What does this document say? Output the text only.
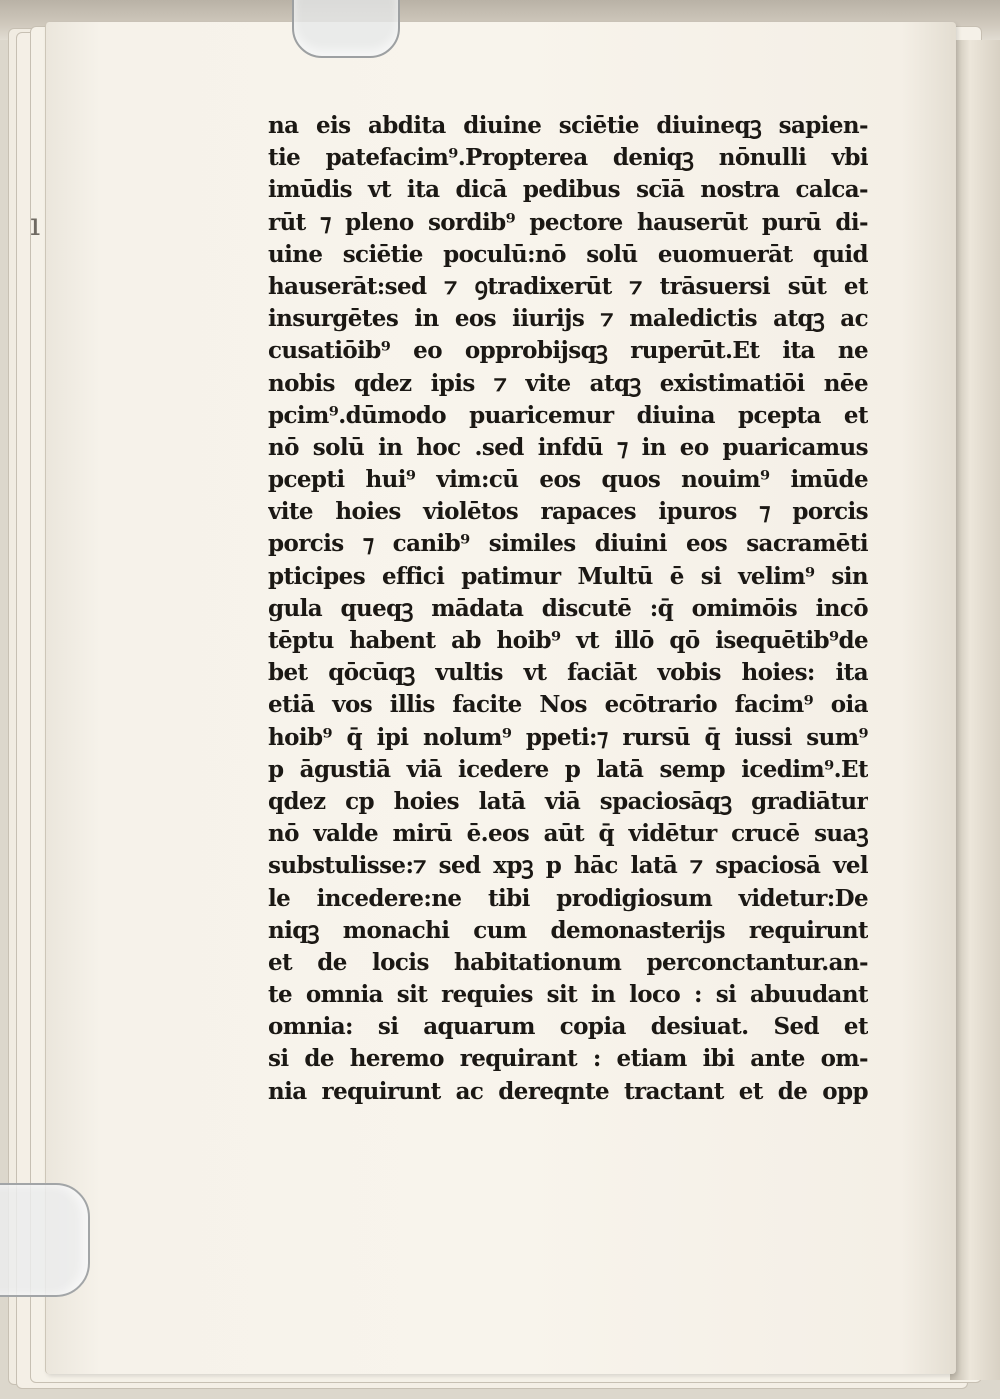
ı
na eis abdita diuine sciētie diuineqꝫ sapien-
tie patefacim⁹.Propterea deniqꝫ nōnulli vbi
imūdis vt ita dicā pedibus scīā nostra calca-
rūt ⁊ pleno sordib⁹ pectore hauserūt purū di-
uine sciētie poculū:nō solū euomuerāt quid
hauserāt:sed ⁊ ꝯtradixerūt ⁊ trāsuersi sūt et
insurgētes in eos iiurijs ⁊ maledictis atqꝫ ac
cusatiōib⁹ eo opprobijsqꝫ ruperūt.Et ita ne
nobis qdez ipis ⁊ vite atqꝫ existimatiōi nēe
pcim⁹.dūmodo puaricemur diuina pcepta et
nō solū in hoc .sed infdū ⁊ in eo puaricamus
pcepti hui⁹ vim:cū eos quos nouim⁹ imūde
vite hoies violētos rapaces ipuros ⁊ porcis
porcis ⁊ canib⁹ similes diuini eos sacramēti
pticipes effici patimur Multū ē si velim⁹ sin
gula queqꝫ mādata discutē :q̄ omimōis incō
tēptu habent ab hoib⁹ vt illō qō isequētib⁹de
bet qōcūqꝫ vultis vt faciāt vobis hoies: ita
etiā vos illis facite Nos ecōtrario facim⁹ oia
hoib⁹ q̄ ipi nolum⁹ ppeti:⁊ rursū q̄ iussi sum⁹
p āgustiā viā icedere p latā semp icedim⁹.Et
qdez cp hoies latā viā spaciosāqꝫ gradiātur
nō valde mirū ē.eos aūt q̄ vidētur crucē suaꝫ
substulisse:⁊ sed xpꝫ p hāc latā ⁊ spaciosā vel
le incedere:ne tibi prodigiosum videtur:De
niqꝫ monachi cum demonasterijs requirunt
et de locis habitationum perconctantur.an-
te omnia sit requies sit in loco : si abuudant
omnia: si aquarum copia desiuat. Sed et
si de heremo requirant : etiam ibi ante om-
nia requirunt ac dereqnte tractant et de opp
